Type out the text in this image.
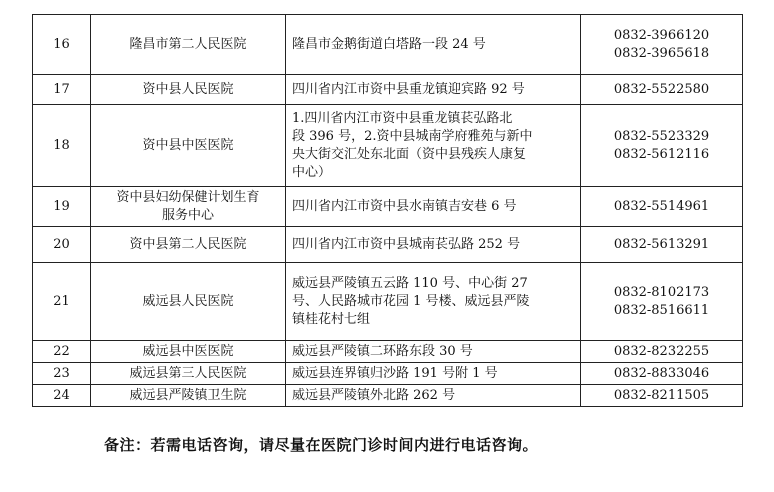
16	隆昌市第二人民医院	隆昌市金鹅街道白塔路一段 24 号	0832-3966120
0832-3965618

17	资中县人民医院	四川省内江市资中县重龙镇迎宾路 92 号	0832-5522580

18	资中县中医医院	1.四川省内江市资中县重龙镇苌弘路北
段 396 号，2.资中县城南学府雅苑与新中
央大街交汇处东北面（资中县残疾人康复
中心）	0832-5523329
0832-5612116

19	资中县妇幼保健计划生育
服务中心	四川省内江市资中县水南镇吉安巷 6 号	0832-5514961

20	资中县第二人民医院	四川省内江市资中县城南苌弘路 252 号	0832-5613291

21	威远县人民医院	威远县严陵镇五云路 110 号、中心街 27
号、人民路城市花园 1 号楼、威远县严陵
镇桂花村七组	0832-8102173
0832-8516611

22	威远县中医医院	威远县严陵镇二环路东段 30 号	0832-8232255

23	威远县第三人民医院	威远县连界镇归沙路 191 号附 1 号	0832-8833046

24	威远县严陵镇卫生院	威远县严陵镇外北路 262 号	0832-8211505
备注：若需电话咨询，请尽量在医院门诊时间内进行电话咨询。
